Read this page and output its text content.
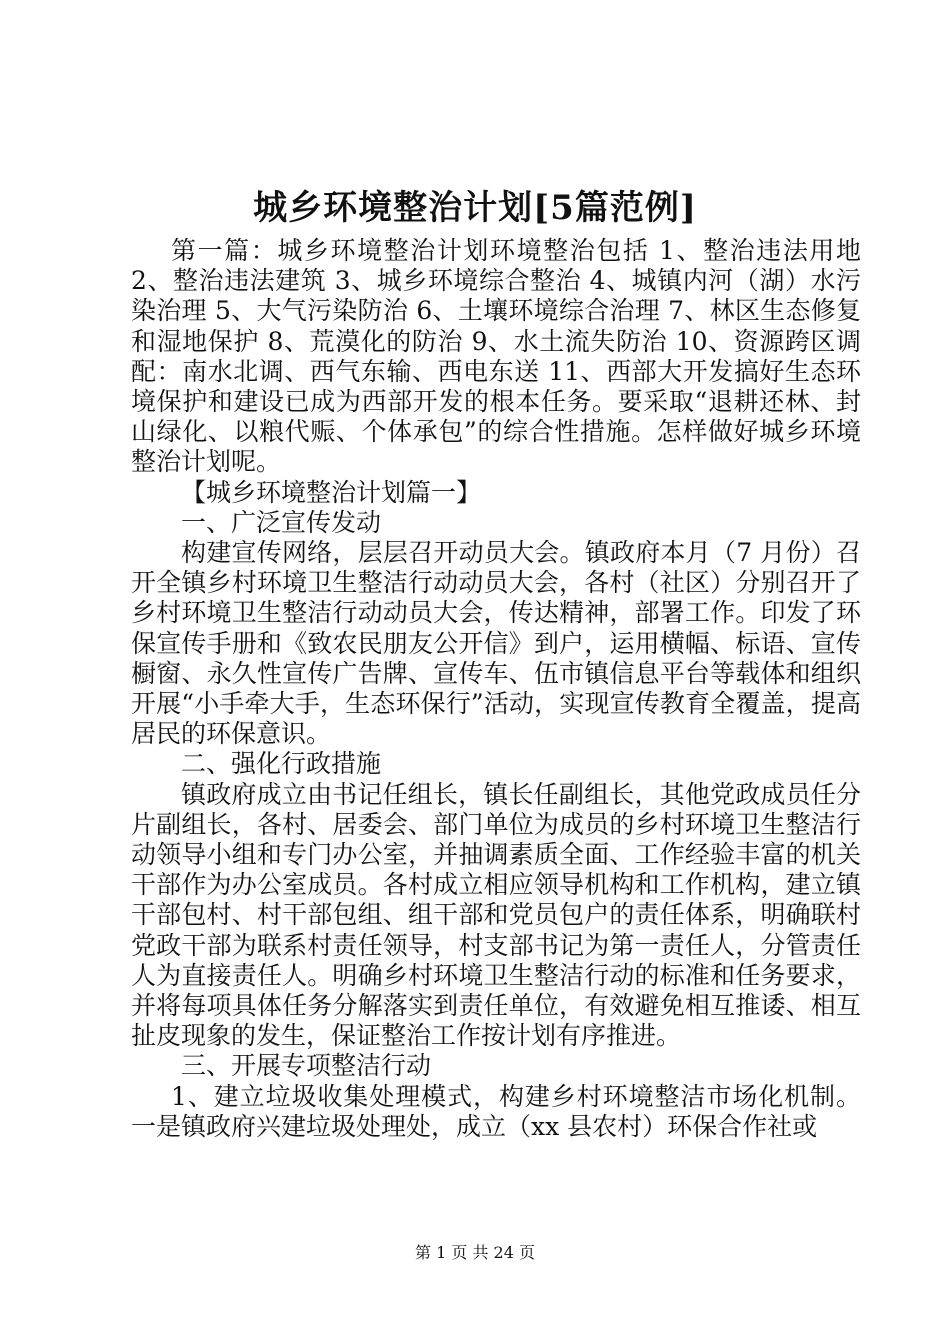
城乡环境整治计划[5篇范例]

第一篇：城乡环境整治计划环境整治包括 1、整治违法用地 2、整治违法建筑 3、城乡环境综合整治 4、城镇内河（湖）水污染治理 5、大气污染防治 6、土壤环境综合治理 7、林区生态修复和湿地保护 8、荒漠化的防治 9、水土流失防治 10、资源跨区调配：南水北调、西气东输、西电东送 11、西部大开发搞好生态环境保护和建设已成为西部开发的根本任务。要采取“退耕还林、封山绿化、以粮代赈、个体承包”的综合性措施。怎样做好城乡环境整治计划呢。

【城乡环境整治计划篇一】

一、广泛宣传发动

构建宣传网络，层层召开动员大会。镇政府本月（7 月份）召开全镇乡村环境卫生整洁行动动员大会，各村（社区）分别召开了乡村环境卫生整洁行动动员大会，传达精神，部署工作。印发了环保宣传手册和《致农民朋友公开信》到户，运用横幅、标语、宣传橱窗、永久性宣传广告牌、宣传车、伍市镇信息平台等载体和组织开展“小手牵大手，生态环保行”活动，实现宣传教育全覆盖，提高居民的环保意识。

二、强化行政措施

镇政府成立由书记任组长，镇长任副组长，其他党政成员任分片副组长，各村、居委会、部门单位为成员的乡村环境卫生整洁行动领导小组和专门办公室，并抽调素质全面、工作经验丰富的机关干部作为办公室成员。各村成立相应领导机构和工作机构，建立镇干部包村、村干部包组、组干部和党员包户的责任体系，明确联村党政干部为联系村责任领导，村支部书记为第一责任人，分管责任人为直接责任人。明确乡村环境卫生整洁行动的标准和任务要求，并将每项具体任务分解落实到责任单位，有效避免相互推诿、相互扯皮现象的发生，保证整治工作按计划有序推进。

三、开展专项整洁行动

1、建立垃圾收集处理模式，构建乡村环境整洁市场化机制。一是镇政府兴建垃圾处理处，成立（xx 县农村）环保合作社或

第 1 页 共 24 页
